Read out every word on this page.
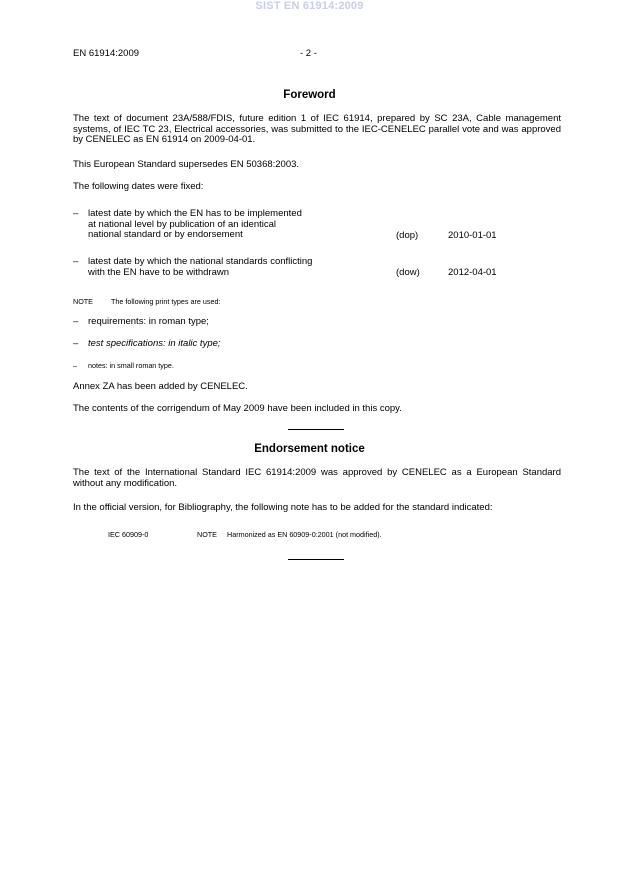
SIST EN 61914:2009
EN 61914:2009	- 2 -
Foreword
The text of document 23A/588/FDIS, future edition 1 of IEC 61914, prepared by SC 23A, Cable management systems, of IEC TC 23, Electrical accessories, was submitted to the IEC-CENELEC parallel vote and was approved by CENELEC as EN 61914 on 2009-04-01.
This European Standard supersedes EN 50368:2003.
The following dates were fixed:
– latest date by which the EN has to be implemented
at national level by publication of an identical
national standard or by endorsement	(dop)	2010-01-01
– latest date by which the national standards conflicting
with the EN have to be withdrawn	(dow)	2012-04-01
NOTE	The following print types are used:
– requirements: in roman type;
– test specifications: in italic type;
– notes: in small roman type.
Annex ZA has been added by CENELEC.
The contents of the corrigendum of May 2009 have been included in this copy.
Endorsement notice
The text of the International Standard IEC 61914:2009 was approved by CENELEC as a European Standard without any modification.
In the official version, for Bibliography, the following note has to be added for the standard indicated:
IEC 60909-0	NOTE Harmonized as EN 60909-0:2001 (not modified).
